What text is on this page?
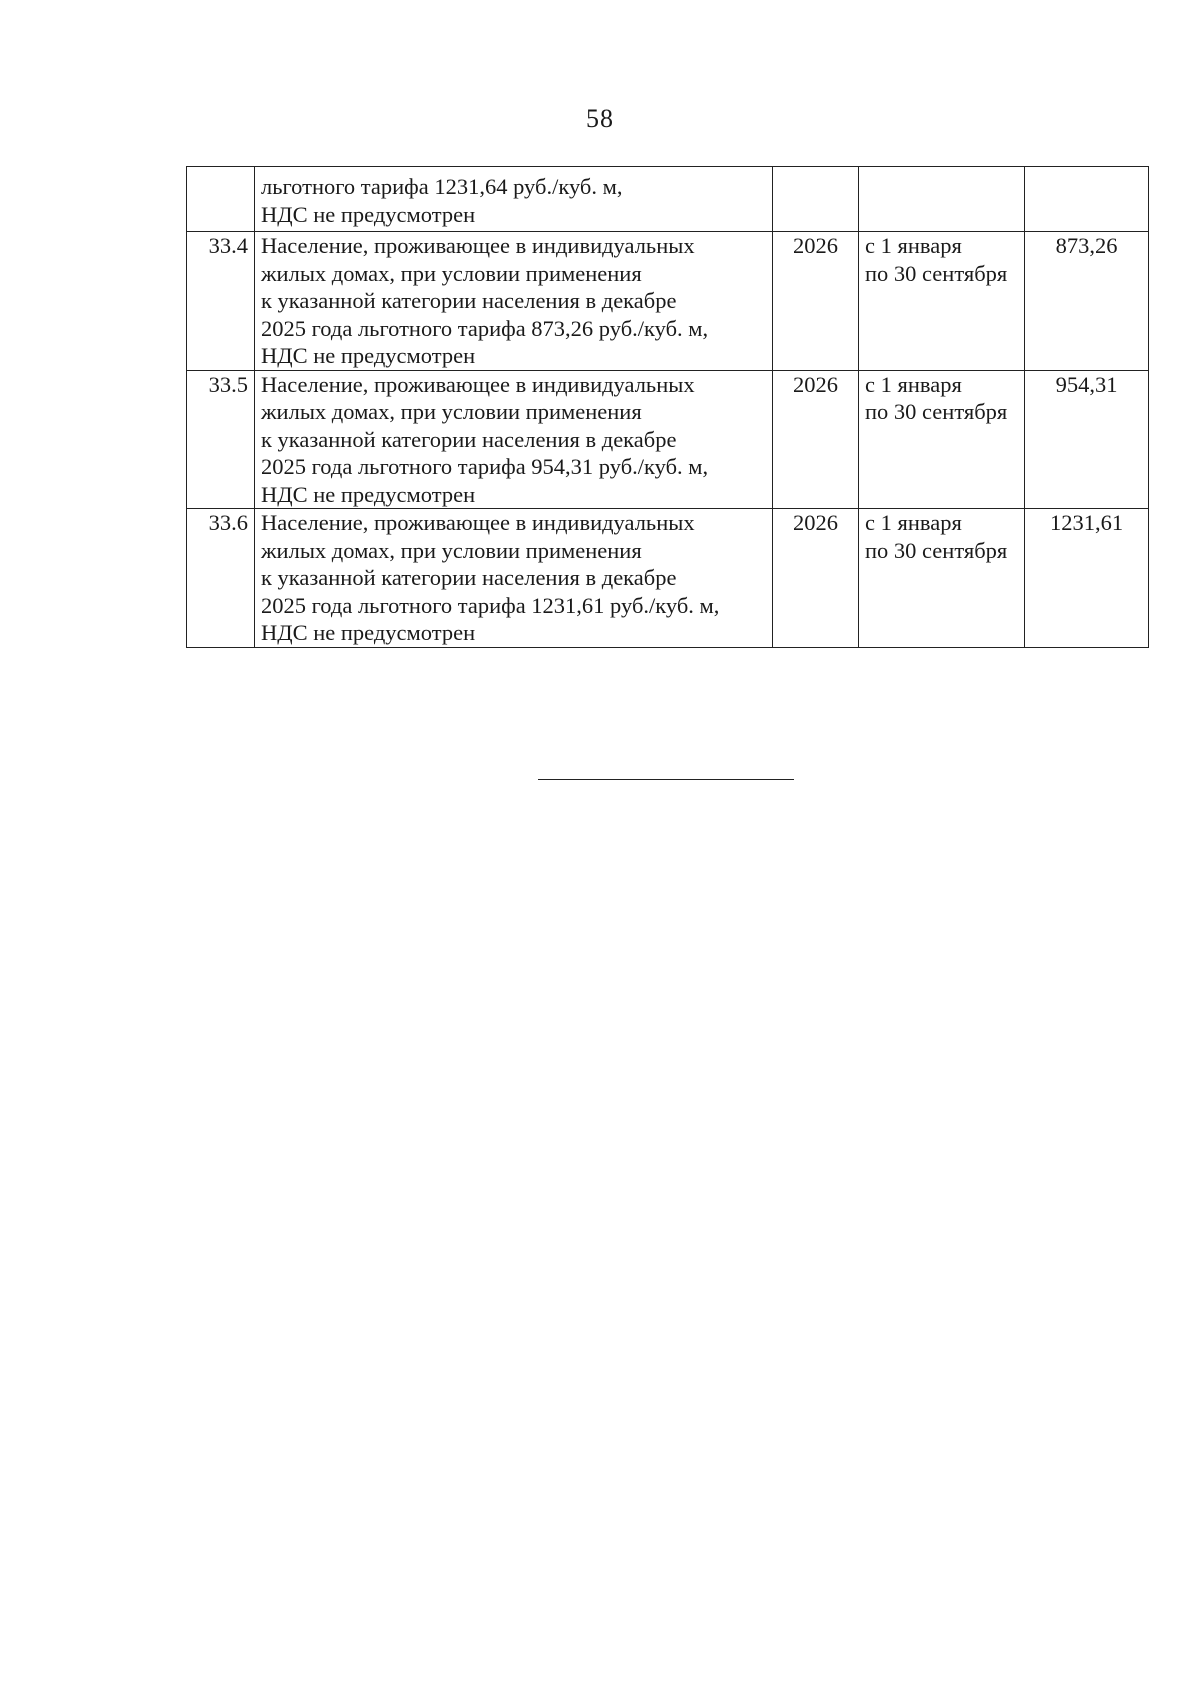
58

	льготного тарифа 1231,64 руб./куб. м,
НДС не предусмотрен			

33.4	Население, проживающее в индивидуальных
жилых домах, при условии применения
к указанной категории населения в декабре
2025 года льготного тарифа 873,26 руб./куб. м,
НДС не предусмотрен	2026	с 1 января
по 30 сентября	873,26
33.5	Население, проживающее в индивидуальных
жилых домах, при условии применения
к указанной категории населения в декабре
2025 года льготного тарифа 954,31 руб./куб. м,
НДС не предусмотрен	2026	с 1 января
по 30 сентября	954,31
33.6	Население, проживающее в индивидуальных
жилых домах, при условии применения
к указанной категории населения в декабре
2025 года льготного тарифа 1231,61 руб./куб. м,
НДС не предусмотрен	2026	с 1 января
по 30 сентября	1231,61
